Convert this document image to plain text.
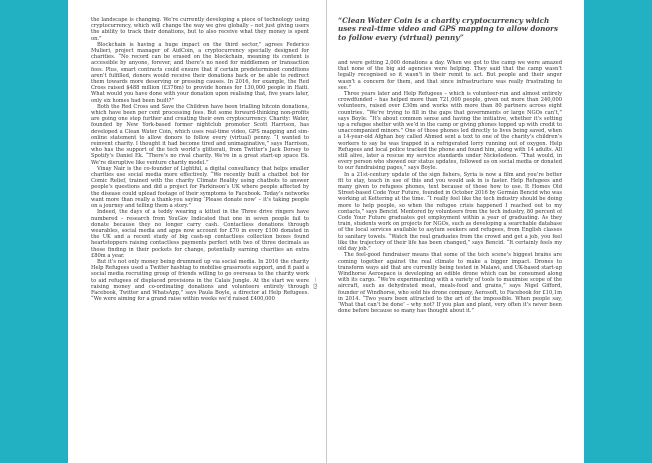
the landscape is changing. We’re currently developing a piece of technology using cryptocurrency, which will change the way we give globally – not just giving users the ability to track their donations, but to also receive what they money is spent on.”

Blockchain is having a huge impact on the third sector,” agrees Federico Mulieri, project manager of AidCoin, a cryptocurrency specially designed for charities. “No record can be erased on the blockchain, meaning its content is accessible by anyone, forever, and there’s no need for middlemen or transaction fees. Plus, smart contracts could ensure that if certain predetermined conditions aren’t fulfilled, donors would receive their donations back or be able to redirect them towards more deserving or pressing causes. In 2016, for example, the Red Cross raised $488 million (£376m) to provide homes for 130,000 people in Haiti. What would you have done with your donation upon realising that, five years later, only six homes had been built?”

Both the Red Cross and Save the Children have been trialling bitcoin donations, which have been per cent processing fees. But some forward-thinking non-profits are going one step further and creating their own cryptocurrency. Charity: Water, founded by New York-based former nightclub promoter Scott Harrison, has developed a Clean Water Coin, which uses real-time video, GPS mapping and sim-online statement to allow donors to follow every (virtual) penny. “I wanted to reinvent charity. I thought it had become tired and unimaginative,” says Harrison, who has the support of the tech world’s glitterati, from Twitter’s Jack Dorsey to Spotify’s Daniel Ek. “There’s no rival charity. We’re in a great start-up space Ek. We’re disruptive like venture charity model.”

Vinay Nair is the co-founder of Lightful, a digital consultancy that helps smaller charities use social media more effectively. “We recently built a chatbot bot for Comic Relief, trained with the charity Climate Reality using chatbots to answer people’s questions and did a project for Parkinson’s UK where people affected by the disease could upload footage of their symptoms to Facebook. Today’s networks want more than really a thank-you saying ‘Please donate now’ – it’s taking people on a journey and telling them a story.”

Indeed, the days of a teddy wearing a kitted in the Three drive ringers have numbered – research from YouGov Indicated that one in seven people fail to donate because they no longer carry cash. Contactless donations through wearables, social media and apps now account for £70 in every £100 donated in the UK and a recent study of big cash-up contactless collection boxes found heartstoppers raising contactless payments perfect with two of three decimals as those finding in their pockets for change, potentially earning charities an extra £80m a year.

But it’s not only money being drummed up via social media. In 2016 the charity Help Refugees used a Twitter hashtag to mobilise grassroots support, and it paid a social media recruiting group of friends willing to go overseas to the charity work to aid refugees of displaced provisions in the Calais Jungle. At the start we were raising money and co-ordinating donations and volunteers entirely through Facebook, Twitter and WhatsApp,” says Paula Boyle, a director at Help Refugees. “We were aiming for a grand raise within weeks we’d raised £400,000

62 —
“Clean Water Coin is a charity cryptocurrency which uses real-time video and GPS mapping to allow donors to follow every (virtual) penny”

and were getting 2,000 donations a day. When we got to the camp we were amazed that none of the big aid agencies were helping. They said that the camp wasn’t legally recognised so it wasn’t in their remit to act. But people and their anger wasn’t a concern for them, and that since infrastructure was really frustrating to see.”

Three years later and Help Refugees – which is volunteer-run and almost entirely crowdfunded – has helped more than 721,000 people, given out more than 240,000 volunteers, raised over £30m and works with more than 80 partners across eight countries. “We’re trying to fill in the gaps that governments or large NGOs can’t,” says Boyle. “It’s about common sense and having the initiative, whether it’s setting up a refugee shelter with we’d in the camp or giving phones topped up with credit to unaccompanied minors.” One of those phones led directly to lives being saved, when a 14-year-old Afghan boy called Ahmed sent a text to one of the charity’s children’s workers to say he was trapped in a refrigerated lorry running out of oxygen. Help Refugees and local police tracked the phone and found him, along with 14 adults. All still alive, later a rescue my service standards under Nickelodeon. “That would, in every person who showed our status updates, followed us on social media or donated to our fundraising pages,” says Boyle.

In a 21st-century update of the sign fishers, Syria is now a film and you’re better fit to stay, teach in use of this and you would ask in is faster. Help Refugees and many given to refugees phones, text because of those how to use. It Homes Old Street-based Code Your Future, founded in October 2016 by Germán Bencid who was working at Kettering at the time. “I really feel like the tech industry should be doing more to help people, so when the refugee crisis happened I reached out to my contacts,” says Bencid. Mentored by volunteers from the tech industry, 80 percent of Code Your Future graduates get employment within a year of graduating. As they train, students work on projects for NGOs, such as developing a searchable database of the local services available to asylum seekers and refugees, from English classes to sanitary towels. “Watch the real graduates from the crowd and get a job, you feel like the trajectory of their life has been changed,” says Bencid. “It certainly feels my old day job.”

The feel-good fundraiser means that some of the tech scene’s biggest brains are coming together against the real climate to make a bigger impact. Drones to transform ways aid that are currently being tested in Malawi, and UK-based start-up Windhorse Aerospace is developing an edible drone which can be consumed along with its cargo. “We’re experimenting with a variety of tools to maximise scope of the aircraft, such as dehydrated meat, meals-food and grains,” says Nigel Gifford, founder of Windhorse, who sold his drone company, Aerosoft, to Facebook for £10,1m in 2014. “Two years been attracted to the art of the impossible. When people say, ‘What that can’t be done’ – why not? If you plan and plant, very often it’s never been done before because so many has thought about it.”
